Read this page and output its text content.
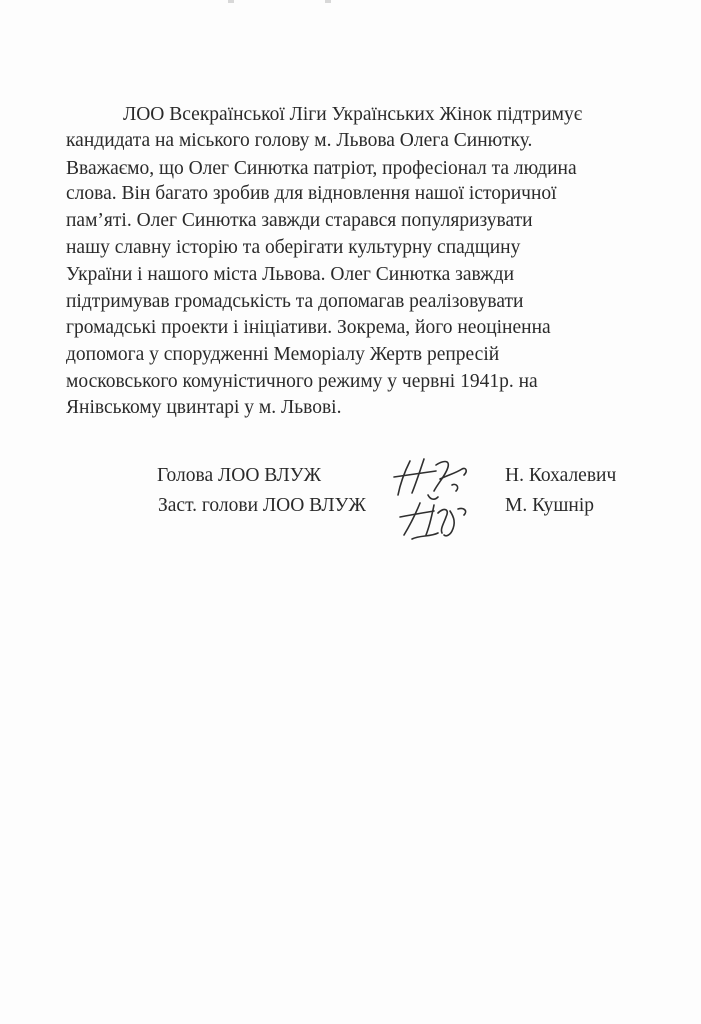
ЛОО Всекраїнської Ліги Українських Жінок підтримує
кандидата на міського голову м. Львова Олега Синютку.
Вважаємо, що Олег Синютка патріот, професіонал та людина
слова. Він багато зробив для відновлення нашої історичної
пам’яті. Олег Синютка завжди старався популяризувати
нашу славну історію та оберігати культурну спадщину
України і нашого міста Львова. Олег Синютка завжди
підтримував громадськість та допомагав реалізовувати
громадські проекти і ініціативи. Зокрема, його неоціненна
допомога у спорудженні Меморіалу Жертв репресій
московського комуністичного режиму у червні 1941р. на
Янівському цвинтарі у м. Львові.
Голова ЛОО ВЛУЖ
Заст. голови ЛОО ВЛУЖ
Н. Кохалевич
М. Кушнір
